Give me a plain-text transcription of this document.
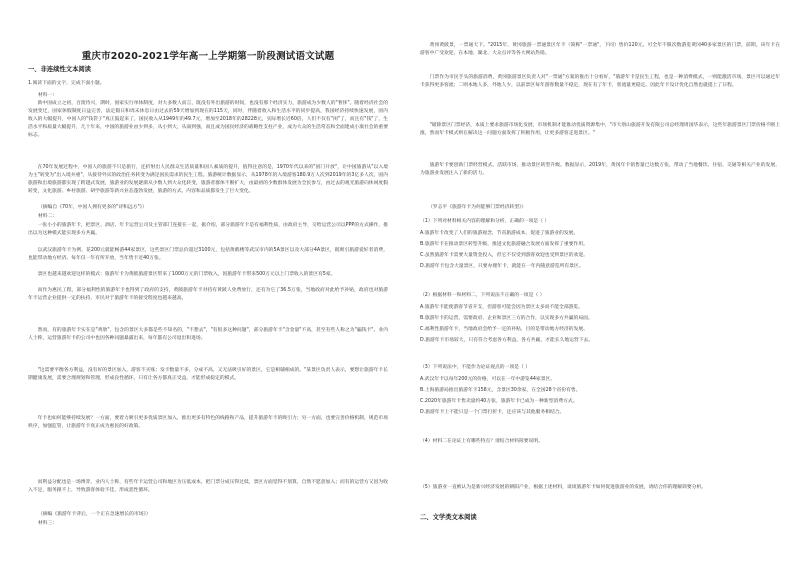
重庆市2020-2021学年高一上学期第一阶段测试语文试题
一、非连续性文本阅读
1.阅读下面的文字，完成下面小题。
材料一：
新中国成立之初，百废待兴，期时，国家实行单休制度，对大多数人而言，既没有外出旅游的时间，也没有那个经济实力，旅游成为少数人的"奢侈"。随着经济社会的发展变迁，国家休假制度日益完善，法定假日和周末休息日由过去的59天增加到现在的115天，同时，伴随着收入和生活水平的同步提高，我国经济持续快速发展，国内收入的大幅提升，中国人的"钱袋子"真正鼓起来了，国民收入从1949年的49.7元，增加至2018年的28228元，实际增长近60倍，人们不仅有"闲"了，而且有"钱"了，生活水平和质量大幅提升，几十年来，中国的旅游业由少到多，从小到大，从弱到强，而且成为国民经济的战略性支柱产业，成为大众的生活常态和全面建成小康社会的重要标志。
在70年发展过程中，中国人的旅游不只是旅行，还折射出人民群众生活质量和国人素质的提升，值得注意的是，1970年代以来的"国门开放"，让中国旅游从"以入境为主"转变为"出入境并重"，从接待外宾的政治任务转变为满足国民需求的民生工程。旅游统计数据显示，从1978年的入境游客180.9万人次到2019年的3亿多人次，国内旅游和出境旅游都实现了跨越式发展，旅游业的发展逐渐从少数人到大众化转变，旅游者群体不断扩大，由最初的少数群体发展为全民参与，由过去的观光旅游向休闲度假转变，文化旅游、乡村旅游、研学旅游等新兴业态蓬勃发展，旅游的方式、内容和品质都发生了巨大变化。
（摘编自《70年，中国人拥有更多的"诗和远方"》）
材料二：
一张小小的旅游年卡，把景区、酒店、年卡运营公司及主管部门连接在一起，据介绍，部分旅游年卡是有福利性质，由政府主导，交给运营公司以PPP的方式操作，推出以为这种模式能实现多方共赢。
以武汉旅游年卡为例，花200元就能畅游44家景区，这些景区门票总价超过3100元，包括黄鹤楼等武汉市内的5A景区以及大部分4A景区，既吸引旅游爱好者消费，也能带动地方经济。每年仅一年有所开放，当年售卡近40万张。
景区也越来越欢迎这样的模式：旅游年卡为黄陂旅游景区带来了1000万元的门票收入，因旅游年卡带来500万元以上门票收入的景区有5家。
而作为惠民工程，部分福利性的旅游年卡也得到了政府的支持，黄陂旅游年卡对持有黄陂人免费放行，还有为它了36.5万张，当地政府对此给予补贴，政府也对旅游年卡运营企业提供一定的扶持，市民对于旅游年卡的接受程度也越来越高。
然而，有的旅游年卡实在是"鸡肋"，包含的景区大多都是些不知名的，"不想去"，"有很多这种问题"，部分旅游年卡"含金量"不高，甚至有些人称之为"骗钱卡"。业内人士称，运营旅游年卡的公司中也因各种问题暴露出来，每年都有公司退出和进场。
"这需要平衡各方利益，没有好的景区加入，游客不买账；发卡数量不多，分成不高，又无法吸引好的景区，它是相辅相成的。"某景区负责人表示，要想让旅游年卡长期健康发展，需要合理规划和管理，形成良性循环，只有让各方都真正受益，才能形成稳定的模式。
年卡也如何能够持续发展？一方面，要着力吸引更多优质景区加入，推出更多有特色的线路和产品，提升旅游年卡的吸引力；另一方面，也要完善价格机制，规范市场秩序，加强监管，让旅游年卡真正成为惠民的好政策。
而利益分配也是一场博弈，业内人士称，有些年卡运营公司和地区为压低成本，把门票分成压得过低，景区方面觉得不划算，自然不愿意加入；而有的运营方又因为收入不足，服务跟不上，导致游客体验不佳，形成恶性循环。
（摘编《旅游年卡背后，一个正在急速增长的市场》）
材料三：
黄冈黄陂景，一票通天下。"2015年，黄冈旅游一票通景区年卡（简称"一票通"，下同）售价120元，可全年不限次数游览黄冈40多家景区的门票，前期，该年卡在游客中广受欢迎，在本地、湖北、大众点评等各大网站热销。
门票作为市民手头的旅游消费，黄冈旅游景区负责人对"一票通"方案的推出十分看好，"旅游年卡是民生工程，也是一种消费模式，一则能激活市场，景区可以通过年卡获得更多客流；二则本地人多，外地人少，以前景区每年游客数量不稳定，现在有了年卡，客流量更稳定。因此年卡设计优化自然也就提上了日程。
"破除景区门票经济，本质上要求旅游市场化发展，市场机制才能推动优质资源集中，"市大别山旅游开发有限公司总经理周国华表示，这些年旅游景区门票价格不断上涨，然而年卡模式则在解决这一问题方面发挥了积极作用，让更多游客走进景区。"
旅游年卡要创新门票经营模式，活跃市场，推动景区转型升级。数据显示，2019年，黄冈年卡销售量已达数万张，带动了当地餐饮、住宿、交通等相关产业的发展，为旅游业发展注入了新的活力。
（罗志平《旅游年卡为何能够门票经济转型》）
（1）下列对材料相关内容的理解和分析，正确的一项是（ ）
A.旅游年卡改变了人们的旅游观念，节省旅游成本，促进了旅游业的发展。
B.旅游年卡在推动景区转型升级、推进文化旅游融合发展方面发挥了重要作用。
C.虽然旅游年卡需要大量资金投入，但它不仅受到游客欢迎也受到景区的欢迎。
D.旅游年卡包含大量景区，只要办理年卡，就能在一年内随意游览所有景区。
（2）根据材料一和材料二，下列说法不正确的一项是（ ）
A.旅游年卡能使游客节省开支，但游客可能会因为景区太多而不能全部游览。
B.旅游年卡的运营，需要政府、企业和景区三方的合作，以实现多方共赢的局面。
C.福利性旅游年卡，当地政府会给予一定的补贴，目的是带动地方经济的发展。
D.旅游年卡市场较大，只有符合考虑各方利益，各方共赢，才能长久地运营下去。
（3）下列说法中，不能作为论证观点的一项是（ ）
A.武汉年卡以每年200元的价格，可以在一年中游览44家景区。
B.上海旅游局推出旅游年卡158元，含景区30余家，在全国28个省份有售。
C.2020年旅游年卡售卖量约40万张，旅游年卡已成为一种新型消费方式。
D.旅游年卡上不能只是一个门票打折卡，还应该与其他服务相结合。
（4）材料二在论证上有哪些特点？请结合材料简要说明。
（5）旅游业一直被认为是新兴经济发展的朝阳产业，根据上述材料，谈谈旅游年卡如何促进旅游业的发展，请结合你的理解简要分析。
二、文学类文本阅读
